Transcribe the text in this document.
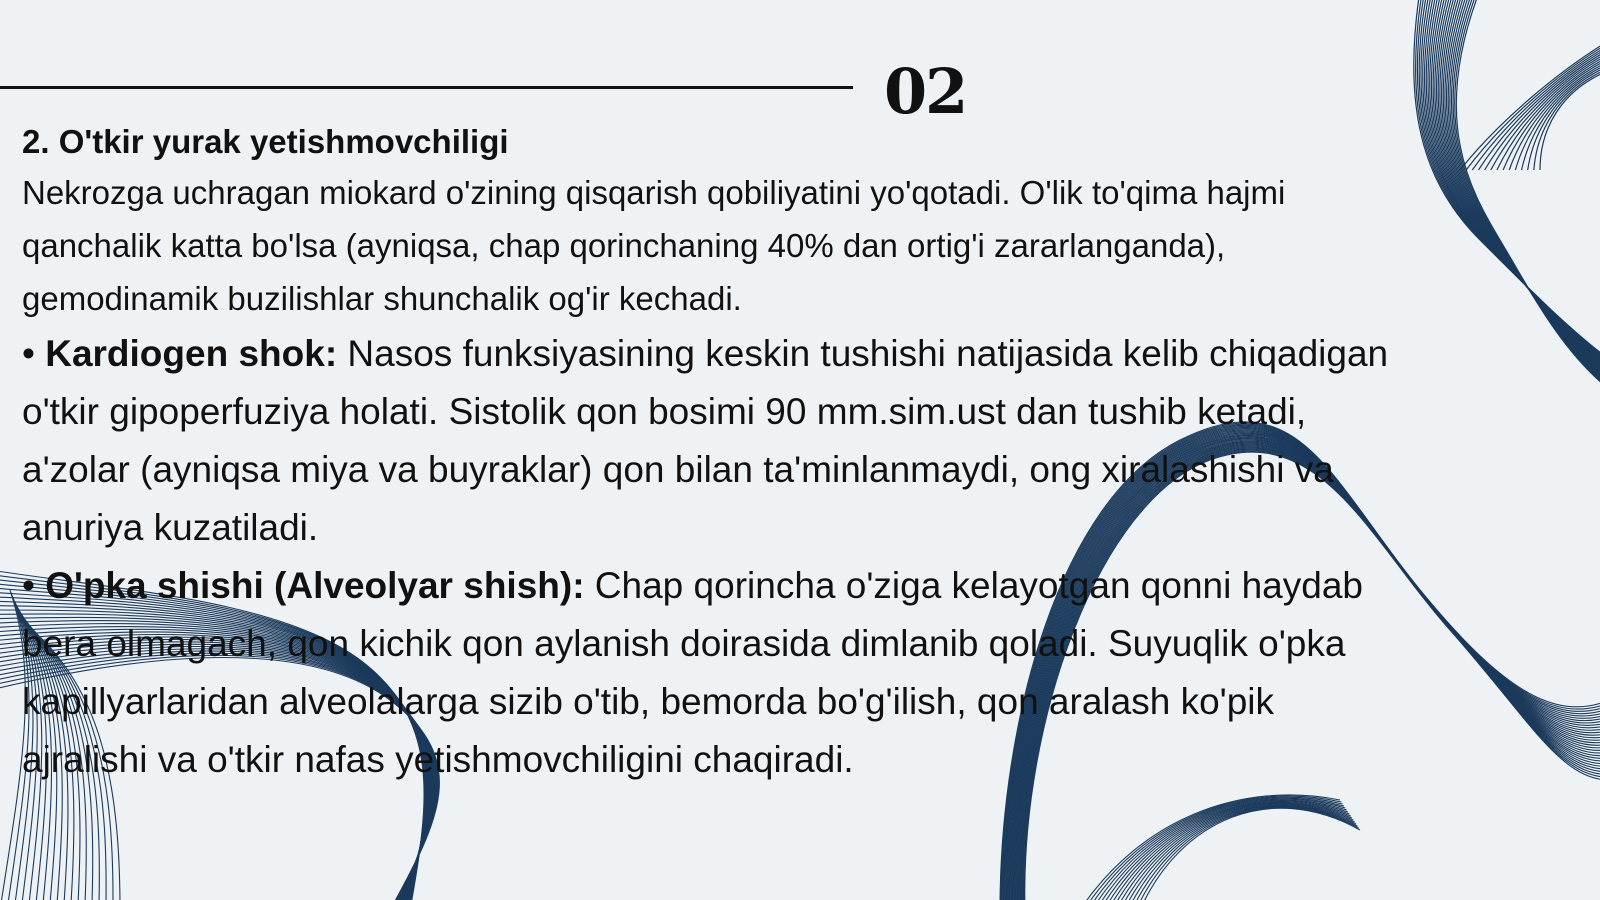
02

2. O'tkir yurak yetishmovchiligi

Nekrozga uchragan miokard o'zining qisqarish qobiliyatini yo'qotadi. O'lik to'qima hajmi qanchalik katta bo'lsa (ayniqsa, chap qorinchaning 40% dan ortig'i zararlanganda), gemodinamik buzilishlar shunchalik og'ir kechadi.

• Kardiogen shok: Nasos funksiyasining keskin tushishi natijasida kelib chiqadigan o'tkir gipoperfuziya holati. Sistolik qon bosimi 90 mm.sim.ust dan tushib ketadi, a'zolar (ayniqsa miya va buyraklar) qon bilan ta'minlanmaydi, ong xiralashishi va anuriya kuzatiladi.

• O'pka shishi (Alveolyar shish): Chap qorincha o'ziga kelayotgan qonni haydab bera olmagach, qon kichik qon aylanish doirasida dimlanib qoladi. Suyuqlik o'pka kapillyarlaridan alveolalarga sizib o'tib, bemorda bo'g'ilish, qon aralash ko'pik ajralishi va o'tkir nafas yetishmovchiligini chaqiradi.
